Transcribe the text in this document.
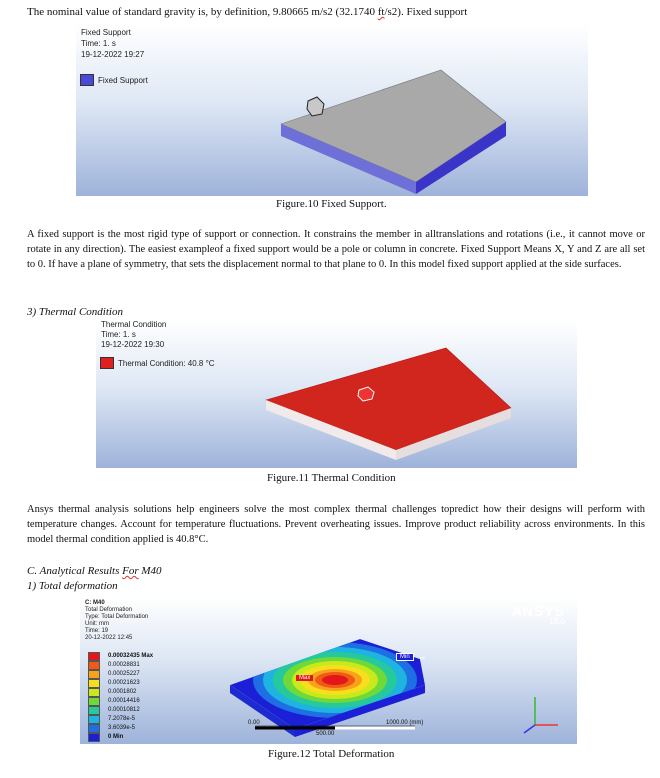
The nominal value of standard gravity is, by definition, 9.80665 m/s2 (32.1740 ft/s2). Fixed support
Fixed Support
Time: 1. s
19-12-2022 19:27
Fixed Support
Figure.10 Fixed Support.

A fixed support is the most rigid type of support or connection. It constrains the member in alltranslations and rotations (i.e., it cannot move or rotate in any direction). The easiest exampleof a fixed support would be a pole or column in concrete. Fixed Support Means X, Y and Z are all set to 0. If have a plane of symmetry, that sets the displacement normal to that plane to 0. In this model fixed support applied at the side surfaces.

3) Thermal Condition
Thermal Condition
Time: 1. s
19-12-2022 19:30
Thermal Condition: 40.8 °C
Figure.11 Thermal Condition

Ansys thermal analysis solutions help engineers solve the most complex thermal challenges topredict how their designs will perform with temperature changes. Account for temperature fluctuations. Prevent overheating issues. Improve product reliability across environments. In this model thermal condition applied is 40.8°C.

C. Analytical Results For M40
1) Total deformation
C: M40
Total Deformation
Type: Total Deformation
Unit: mm
Time: 19
20-12-2022 12:45
0.00032435 Max
0.00028831
0.00025227
0.00021623
0.0001802
0.00014416
0.00010812
7.2078e-5
3.6039e-5
0 Min
ANSYS
16.0
Max
Min
0.00
500.00
1000.00 (mm)
Figure.12 Total Deformation
